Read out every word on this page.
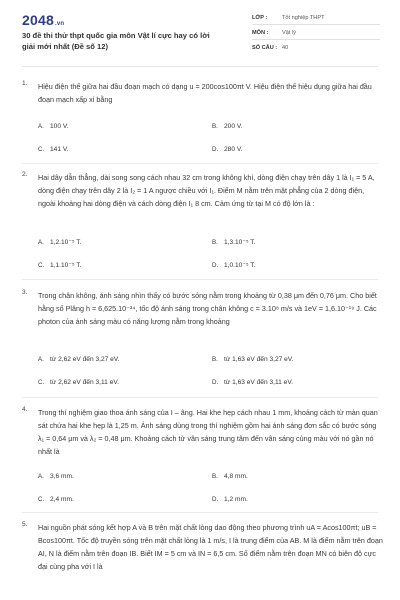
2048.vn
30 đề thi thử thpt quốc gia môn Vật lí cực hay có lời giải mới nhất (Đề số 12)
LỚP :	Tốt nghiệp THPT
MÔN : Vật lý
SỐ CÂU : 40
1. Hiệu điện thế giữa hai đầu đoạn mạch có dạng u = 200cos100πt V. Hiệu điện thế hiệu dụng giữa hai đầu đoạn mạch xấp xỉ bằng

A. 100 V.	B. 200 V.
C. 141 V.	D. 280 V.
2. Hai dây dẫn thẳng, dài song song cách nhau 32 cm trong không khí, dòng điện chạy trên dây 1 là I₁ = 5 A, dòng điện chạy trên dây 2 là I₂ = 1 A ngược chiều với I₁. Điểm M nằm trên mặt phẳng của 2 dòng điện, ngoài khoảng hai dòng điện và cách dòng điện I₁ 8 cm. Cảm ứng từ tại M có độ lớn là :

A. 1,2.10⁻⁵ T.	B. 1,3.10⁻⁵ T.
C. 1,1.10⁻⁵ T.	D. 1,0.10⁻⁵ T.
3. Trong chân không, ánh sáng nhìn thấy có bước sóng nằm trong khoảng từ 0,38 μm đến 0,76 μm. Cho biết hằng số Plăng h = 6,625.10⁻³⁴, tốc độ ánh sáng trong chân không c = 3.10⁸ m/s và 1eV = 1,6.10⁻¹⁹ J. Các photon của ánh sáng màu có năng lượng nằm trong khoảng

A. từ 2,62 eV đến 3,27 eV.	B. từ 1,63 eV đến 3,27 eV.
C. từ 2,62 eV đến 3,11 eV.	D. từ 1,63 eV đến 3,11 eV.
4. Trong thí nghiệm giao thoa ánh sáng của I – âng. Hai khe hẹp cách nhau 1 mm, khoảng cách từ màn quan sát chứa hai khe hẹp là 1,25 m. Ánh sáng dùng trong thí nghiệm gồm hai ánh sáng đơn sắc có bước sóng λ₁ = 0,64 μm và λ₂ = 0,48 μm. Khoảng cách từ vân sáng trung tâm đến vân sáng cùng màu với nó gần nó nhất là

A. 3,6 mm.	B. 4,8 mm.
C. 2,4 mm.	D. 1,2 mm.
5. Hai nguồn phát sóng kết hợp A và B trên mặt chất lỏng dao động theo phương trình uA = Acos100πt; uB = Bcos100πt. Tốc độ truyền sóng trên mặt chất lỏng là 1 m/s, I là trung điểm của AB. M là điểm nằm trên đoạn AI, N là điểm nằm trên đoạn IB. Biết IM = 5 cm và IN = 6,5 cm. Số điểm nằm trên đoạn MN có biên độ cực đại cùng pha với I là
